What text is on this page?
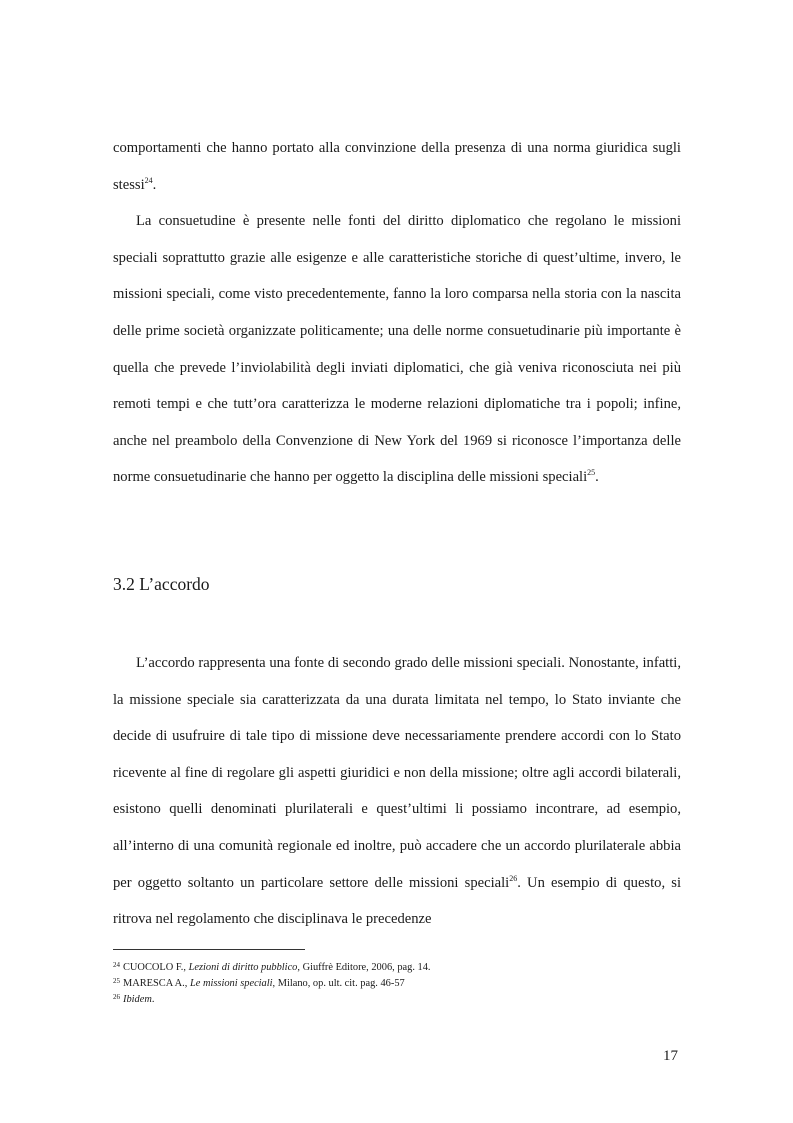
comportamenti che hanno portato alla convinzione della presenza di una norma giuridica sugli stessi$^{24}$.

La consuetudine è presente nelle fonti del diritto diplomatico che regolano le missioni speciali soprattutto grazie alle esigenze e alle caratteristiche storiche di quest’ultime, invero, le missioni speciali, come visto precedentemente, fanno la loro comparsa nella storia con la nascita delle prime società organizzate politicamente; una delle norme consuetudinarie più importante è quella che prevede l’inviolabilità degli inviati diplomatici, che già veniva riconosciuta nei più remoti tempi e che tutt’ora caratterizza le moderne relazioni diplomatiche tra i popoli; infine, anche nel preambolo della Convenzione di New York del 1969 si riconosce l’importanza delle norme consuetudinarie che hanno per oggetto la disciplina delle missioni speciali$^{25}$.

3.2 L’accordo

L’accordo rappresenta una fonte di secondo grado delle missioni speciali. Nonostante, infatti, la missione speciale sia caratterizzata da una durata limitata nel tempo, lo Stato inviante che decide di usufruire di tale tipo di missione deve necessariamente prendere accordi con lo Stato ricevente al fine di regolare gli aspetti giuridici e non della missione; oltre agli accordi bilaterali, esistono quelli denominati plurilaterali e quest’ultimi li possiamo incontrare, ad esempio, all’interno di una comunità regionale ed inoltre, può accadere che un accordo plurilaterale abbia per oggetto soltanto un particolare settore delle missioni speciali$^{26}$. Un esempio di questo, si ritrova nel regolamento che disciplinava le precedenze

$^{24}$ CUOCOLO F., Lezioni di diritto pubblico, Giuffrè Editore, 2006, pag. 14.
$^{25}$ MARESCA A., Le missioni speciali, Milano, op. ult. cit. pag. 46-57
$^{26}$ Ibidem.
17
